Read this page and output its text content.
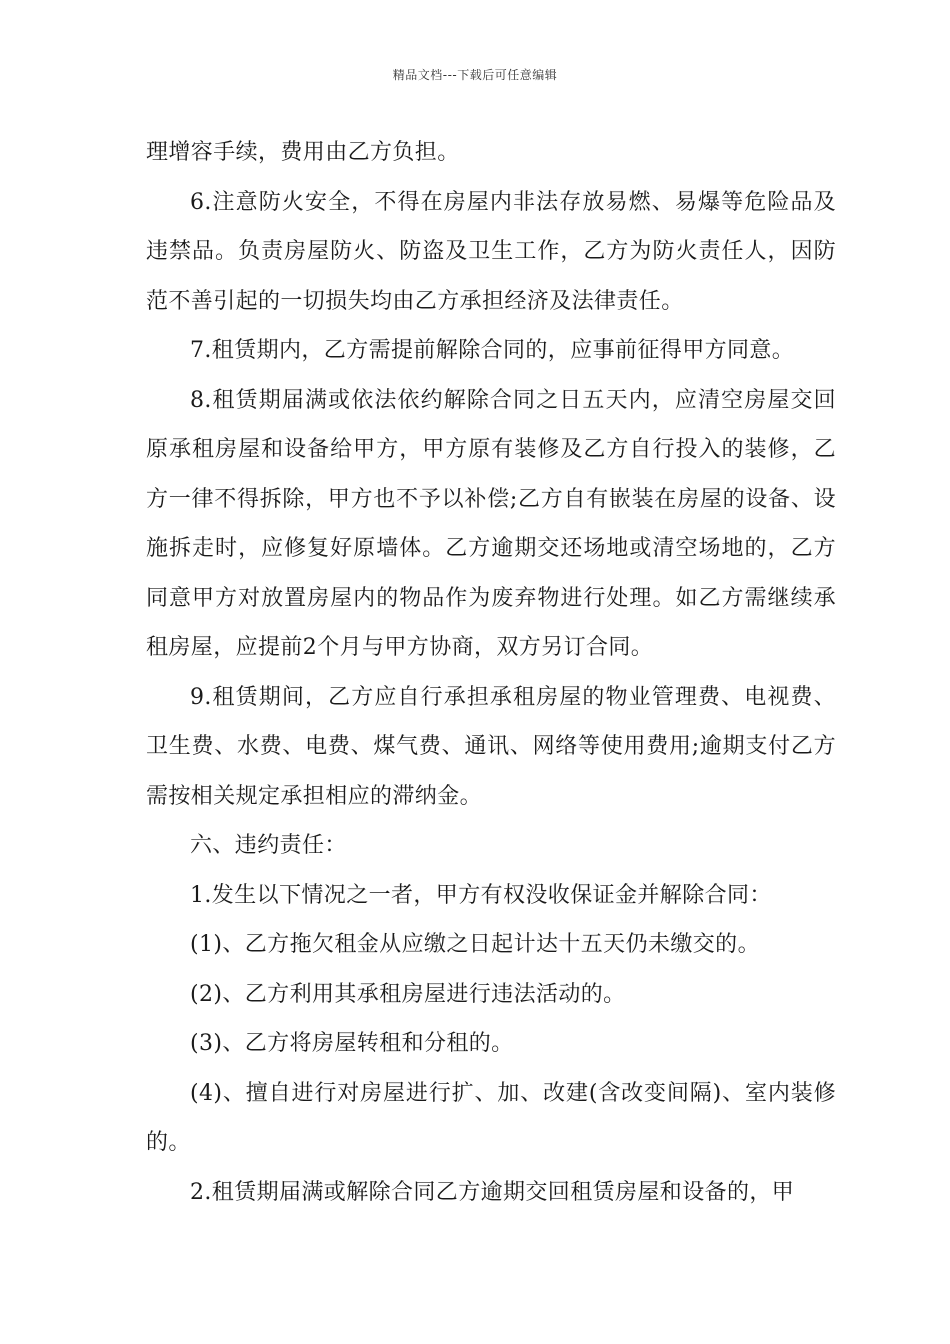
精品文档---下载后可任意编辑

理增容手续，费用由乙方负担。

6.注意防火安全，不得在房屋内非法存放易燃、易爆等危险品及违禁品。负责房屋防火、防盗及卫生工作，乙方为防火责任人，因防范不善引起的一切损失均由乙方承担经济及法律责任。

7.租赁期内，乙方需提前解除合同的，应事前征得甲方同意。

8.租赁期届满或依法依约解除合同之日五天内，应清空房屋交回原承租房屋和设备给甲方，甲方原有装修及乙方自行投入的装修，乙方一律不得拆除，甲方也不予以补偿;乙方自有嵌装在房屋的设备、设施拆走时，应修复好原墙体。乙方逾期交还场地或清空场地的，乙方同意甲方对放置房屋内的物品作为废弃物进行处理。如乙方需继续承租房屋，应提前2个月与甲方协商，双方另订合同。

9.租赁期间，乙方应自行承担承租房屋的物业管理费、电视费、卫生费、水费、电费、煤气费、通讯、网络等使用费用;逾期支付乙方需按相关规定承担相应的滞纳金。

六、违约责任：

1.发生以下情况之一者，甲方有权没收保证金并解除合同：

(1)、乙方拖欠租金从应缴之日起计达十五天仍未缴交的。

(2)、乙方利用其承租房屋进行违法活动的。

(3)、乙方将房屋转租和分租的。

(4)、擅自进行对房屋进行扩、加、改建(含改变间隔)、室内装修的。

2.租赁期届满或解除合同乙方逾期交回租赁房屋和设备的，甲
